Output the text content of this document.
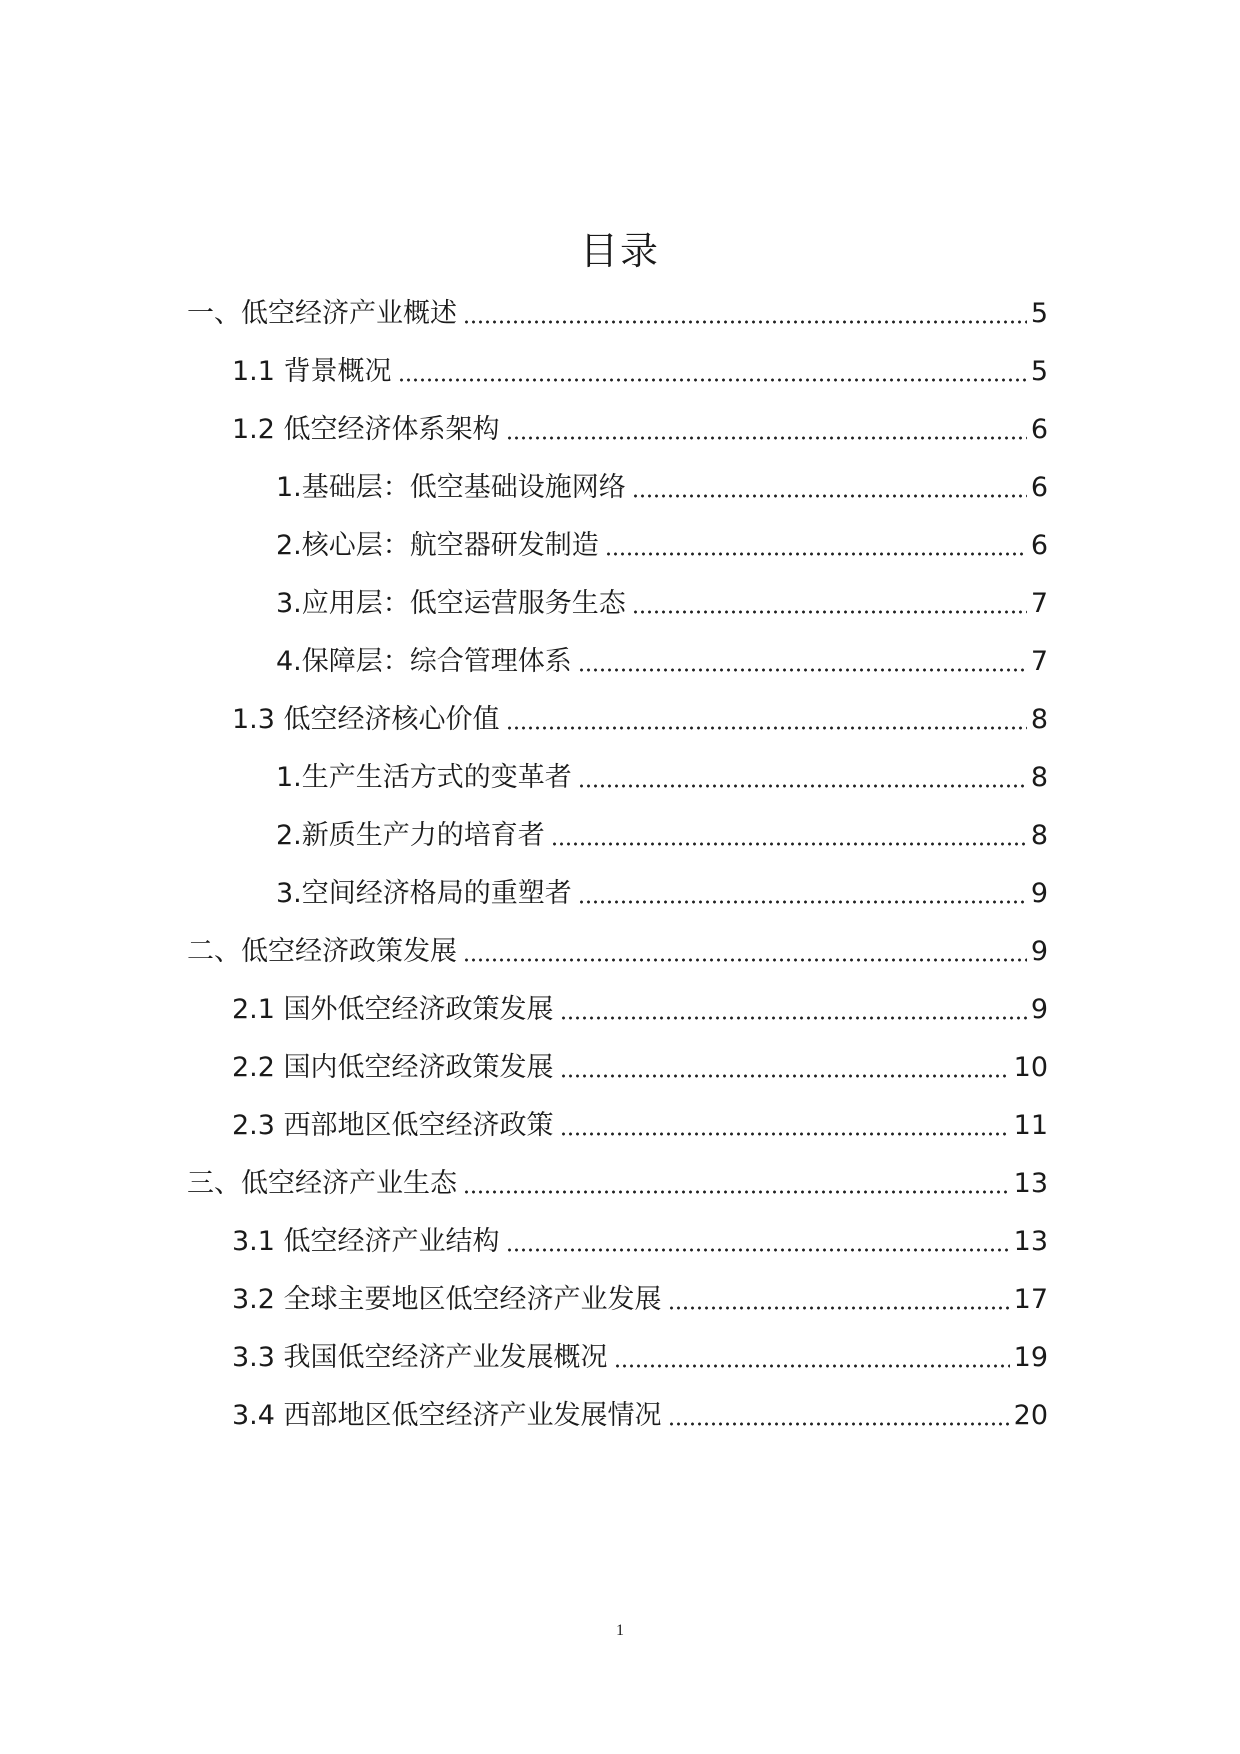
目录
一、低空经济产业概述	5
1.1 背景概况	5
1.2 低空经济体系架构	6
1.基础层：低空基础设施网络	6
2.核心层：航空器研发制造	6
3.应用层：低空运营服务生态	7
4.保障层：综合管理体系	7
1.3 低空经济核心价值	8
1.生产生活方式的变革者	8
2.新质生产力的培育者	8
3.空间经济格局的重塑者	9
二、低空经济政策发展	9
2.1 国外低空经济政策发展	9
2.2 国内低空经济政策发展	10
2.3 西部地区低空经济政策	11
三、低空经济产业生态	13
3.1 低空经济产业结构	13
3.2 全球主要地区低空经济产业发展	17
3.3 我国低空经济产业发展概况	19
3.4 西部地区低空经济产业发展情况	20
1
